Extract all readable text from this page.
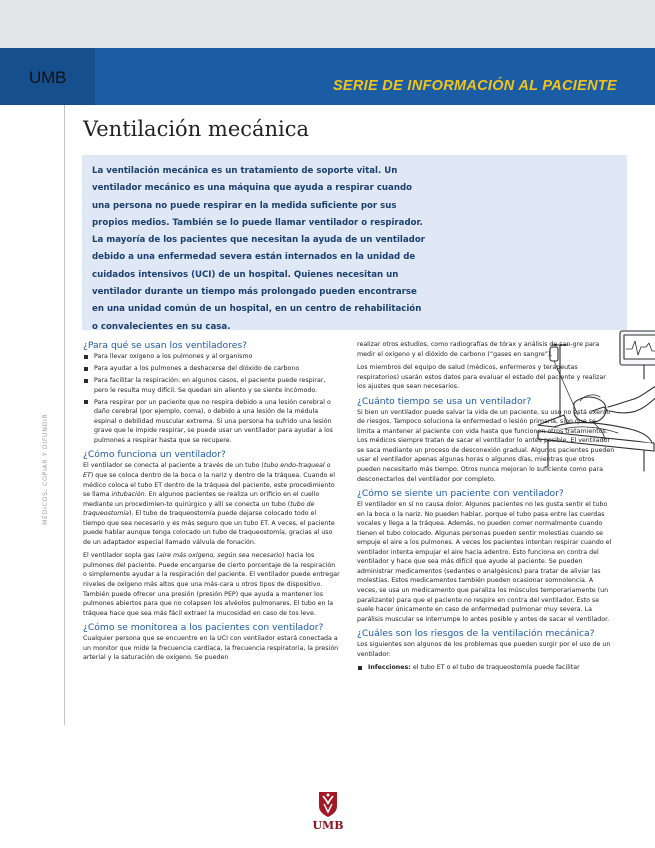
UMB	SERIE DE INFORMACIÓN AL PACIENTE
MÉDICOS: COPIAR Y DIFUNDIR
Ventilación mecánica

La ventilación mecánica es un tratamiento de soporte vital. Un ventilador mecánico es una máquina que ayuda a respirar cuando una persona no puede respirar en la medida suficiente por sus propios medios. También se lo puede llamar ventilador o respirador. La mayoría de los pacientes que necesitan la ayuda de un ventilador debido a una enfermedad severa están internados en la unidad de cuidados intensivos (UCI) de un hospital. Quienes necesitan un ventilador durante un tiempo más prolongado pueden encontrarse en una unidad común de un hospital, en un centro de rehabilitación o convalecientes en su casa.

¿Para qué se usan los ventiladores?
Para llevar oxígeno a los pulmones y al organismo
Para ayudar a los pulmones a deshacerse del dióxido de carbono
Para facilitar la respiración: en algunos casos, el paciente puede respirar, pero le resulta muy difícil. Se quedan sin aliento y se siente incómodo.
Para respirar por un paciente que no respira debido a una lesión cerebral o daño cerebral (por ejemplo, coma), o debido a una lesión de la médula espinal o debilidad muscular extrema. Si una persona ha sufrido una lesión grave que le impide respirar, se puede usar un ventilador para ayudar a los pulmones a respirar hasta que se recupere.
¿Cómo funciona un ventilador?

El ventilador se conecta al paciente a través de un tubo (tubo endo-traqueal o ET) que se coloca dentro de la boca o la nariz y dentro de la tráquea. Cuando el médico coloca el tubo ET dentro de la tráquea del paciente, este procedimiento se llama intubación. En algunos pacientes se realiza un orificio en el cuello mediante un procedimien-to quirúrgico y allí se conecta un tubo (tubo de traqueostomía). El tubo de traqueostomía puede dejarse colocado todo el tiempo que sea necesario y es más seguro que un tubo ET. A veces, el paciente puede hablar aunque tenga colocado un tubo de traqueostomía, gracias al uso de un adaptador especial llamado válvula de fonación.

El ventilador sopla gas (aire más oxígeno, según sea necesario) hacia los pulmones del paciente. Puede encargarse de cierto porcentaje de la respiración o simplemente ayudar a la respiración del paciente. El ventilador puede entregar niveles de oxígeno más altos que una más-cara u otros tipos de dispositivo. También puede ofrecer una presión (presión PEP) que ayuda a mantener los pulmones abiertos para que no colapsen los alvéolos pulmonares. El tubo en la tráquea hace que sea más fácil extraer la mucosidad en caso de tos leve.

¿Cómo se monitorea a los pacientes con ventilador?

Cualquier persona que se encuentre en la UCI con ventilador estará conectada a un monitor que mide la frecuencia cardíaca, la frecuencia respiratoria, la presión arterial y la saturación de oxígeno. Se pueden

realizar otros estudios, como radiografías de tórax y análisis de san-gre para medir el oxígeno y el dióxido de carbono (“gases en sangre”).

Los miembros del equipo de salud (médicos, enfermeros y terapeutas respiratorios) usarán estos datos para evaluar el estado del paciente y realizar los ajustes que sean necesarios.

¿Cuánto tiempo se usa un ventilador?

Si bien un ventilador puede salvar la vida de un paciente, su uso no está exento de riesgos. Tampoco soluciona la enfermedad o lesión primaria, sino que se limita a mantener al paciente con vida hasta que funcionen otros tratamientos. Los médicos siempre tratan de sacar el ventilador lo antes posible. El ventilador se saca mediante un proceso de desconexión gradual. Algunos pacientes pueden usar el ventilador apenas algunas horas o algunos días, mientras que otros pueden necesitarlo más tiempo. Otros nunca mejoran lo suficiente como para desconectarlos del ventilador por completo.

¿Cómo se siente un paciente con ventilador?

El ventilador en sí no causa dolor. Algunos pacientes no les gusta sentir el tubo en la boca o la nariz. No pueden hablar, porque el tubo pasa entre las cuerdas vocales y llega a la tráquea. Además, no pueden comer normalmente cuando tienen el tubo colocado. Algunas personas pueden sentir molestias cuando se empuje el aire a los pulmones. A veces los pacientes intentan respirar cuando el ventilador intenta empujar el aire hacia adentro. Esto funciona en contra del ventilador y hace que sea más difícil que ayude al paciente. Se pueden administrar medicamentos (sedantes o analgésicos) para tratar de aliviar las molestias. Estos medicamentos también pueden ocasionar somnolencia. A veces, se usa un medicamento que paraliza los músculos temporariamente (un paralizante) para que el paciente no respire en contra del ventilador. Esto se suele hacer únicamente en caso de enfermedad pulmonar muy severa. La parálisis muscular se interrumpe lo antes posible y antes de sacar el ventilador.

¿Cuáles son los riesgos de la ventilación mecánica?

Los siguientes son algunos de los problemas que pueden surgir por el uso de un ventilador:

Infecciones: el tubo ET o el tubo de traqueostomía puede facilitar
UMB
